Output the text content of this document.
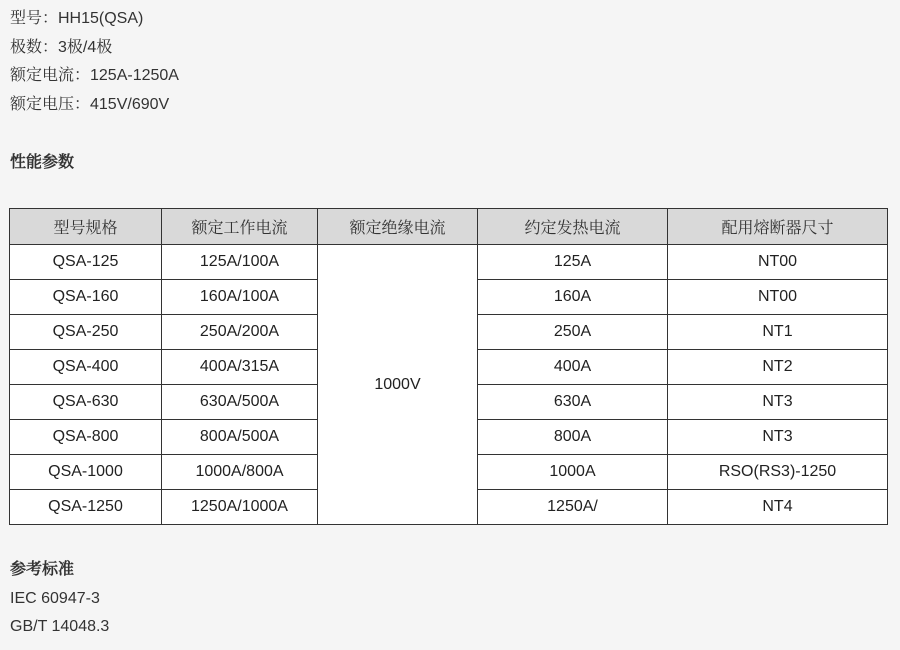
型号：HH15(QSA)
极数：3极/4极
额定电流：125A-1250A
额定电压：415V/690V
性能参数
型号规格	额定工作电流	额定绝缘电流	约定发热电流	配用熔断器尺寸
QSA-125	125A/100A	1000V	125A	NT00
QSA-160	160A/100A		160A	NT00
QSA-250	250A/200A		250A	NT1
QSA-400	400A/315A		400A	NT2
QSA-630	630A/500A		630A	NT3
QSA-800	800A/500A		800A	NT3
QSA-1000	1000A/800A		1000A	RSO(RS3)-1250
QSA-1250	1250A/1000A		1250A/	NT4
参考标准
IEC 60947-3
GB/T 14048.3
